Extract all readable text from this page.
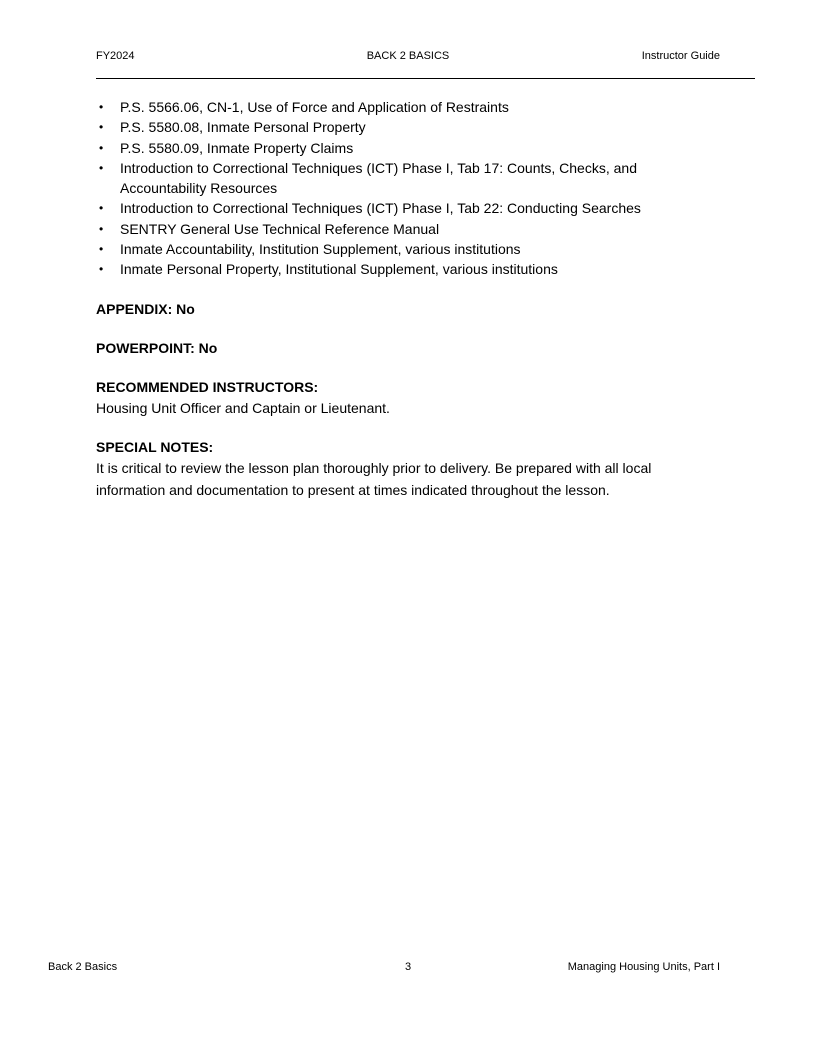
FY2024	BACK 2 BASICS	Instructor Guide
• P.S. 5566.06, CN-1, Use of Force and Application of Restraints
• P.S. 5580.08, Inmate Personal Property
• P.S. 5580.09, Inmate Property Claims
• Introduction to Correctional Techniques (ICT) Phase I, Tab 17: Counts, Checks, and Accountability Resources
• Introduction to Correctional Techniques (ICT) Phase I, Tab 22: Conducting Searches
• SENTRY General Use Technical Reference Manual
• Inmate Accountability, Institution Supplement, various institutions
• Inmate Personal Property, Institutional Supplement, various institutions
APPENDIX: No
POWERPOINT: No
RECOMMENDED INSTRUCTORS:
Housing Unit Officer and Captain or Lieutenant.
SPECIAL NOTES:
It is critical to review the lesson plan thoroughly prior to delivery. Be prepared with all local information and documentation to present at times indicated throughout the lesson.
Back 2 Basics	3	Managing Housing Units, Part I
